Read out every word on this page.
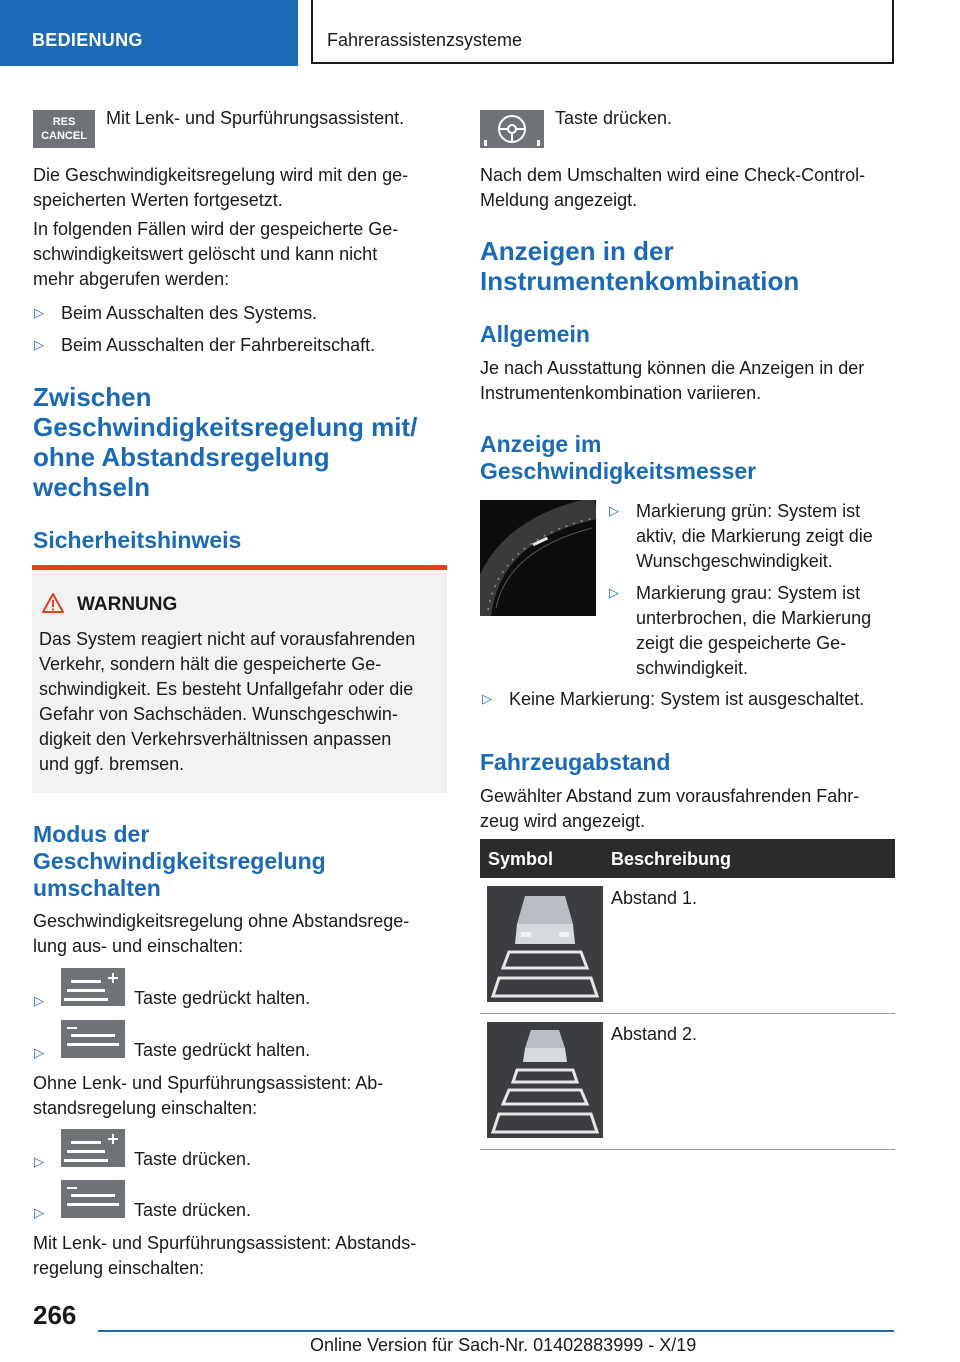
BEDIENUNG	Fahrerassistenzsysteme
RES CANCEL
Mit Lenk- und Spurführungsassistent.
Die Geschwindigkeitsregelung wird mit den ge-
speicherten Werten fortgesetzt.
In folgenden Fällen wird der gespeicherte Ge-
schwindigkeitswert gelöscht und kann nicht
mehr abgerufen werden:
▷ Beim Ausschalten des Systems.
▷ Beim Ausschalten der Fahrbereitschaft.
Zwischen
Geschwindigkeitsregelung mit/
ohne Abstandsregelung
wechseln
Sicherheitshinweis
WARNUNG
Das System reagiert nicht auf vorausfahrenden
Verkehr, sondern hält die gespeicherte Ge-
schwindigkeit. Es besteht Unfallgefahr oder die
Gefahr von Sachschäden. Wunschgeschwin-
digkeit den Verkehrsverhältnissen anpassen
und ggf. bremsen.
Modus der
Geschwindigkeitsregelung
umschalten
Geschwindigkeitsregelung ohne Abstandsrege-
lung aus- und einschalten:
▷	Taste gedrückt halten.
▷	Taste gedrückt halten.
Ohne Lenk- und Spurführungsassistent: Ab-
standsregelung einschalten:
▷	Taste drücken.
▷	Taste drücken.
Mit Lenk- und Spurführungsassistent: Abstands-
regelung einschalten:
Taste drücken.
Nach dem Umschalten wird eine Check-Control-
Meldung angezeigt.
Anzeigen in der
Instrumentenkombination
Allgemein
Je nach Ausstattung können die Anzeigen in der
Instrumentenkombination variieren.
Anzeige im
Geschwindigkeitsmesser
▷ Markierung grün: System ist
aktiv, die Markierung zeigt die
Wunschgeschwindigkeit.
▷ Markierung grau: System ist
unterbrochen, die Markierung
zeigt die gespeicherte Ge-
schwindigkeit.
▷ Keine Markierung: System ist ausgeschaltet.
Fahrzeugabstand
Gewählter Abstand zum vorausfahrenden Fahr-
zeug wird angezeigt.
Symbol	Beschreibung
Abstand 1.
Abstand 2.
266
Online Version für Sach-Nr. 01402883999 - X/19
